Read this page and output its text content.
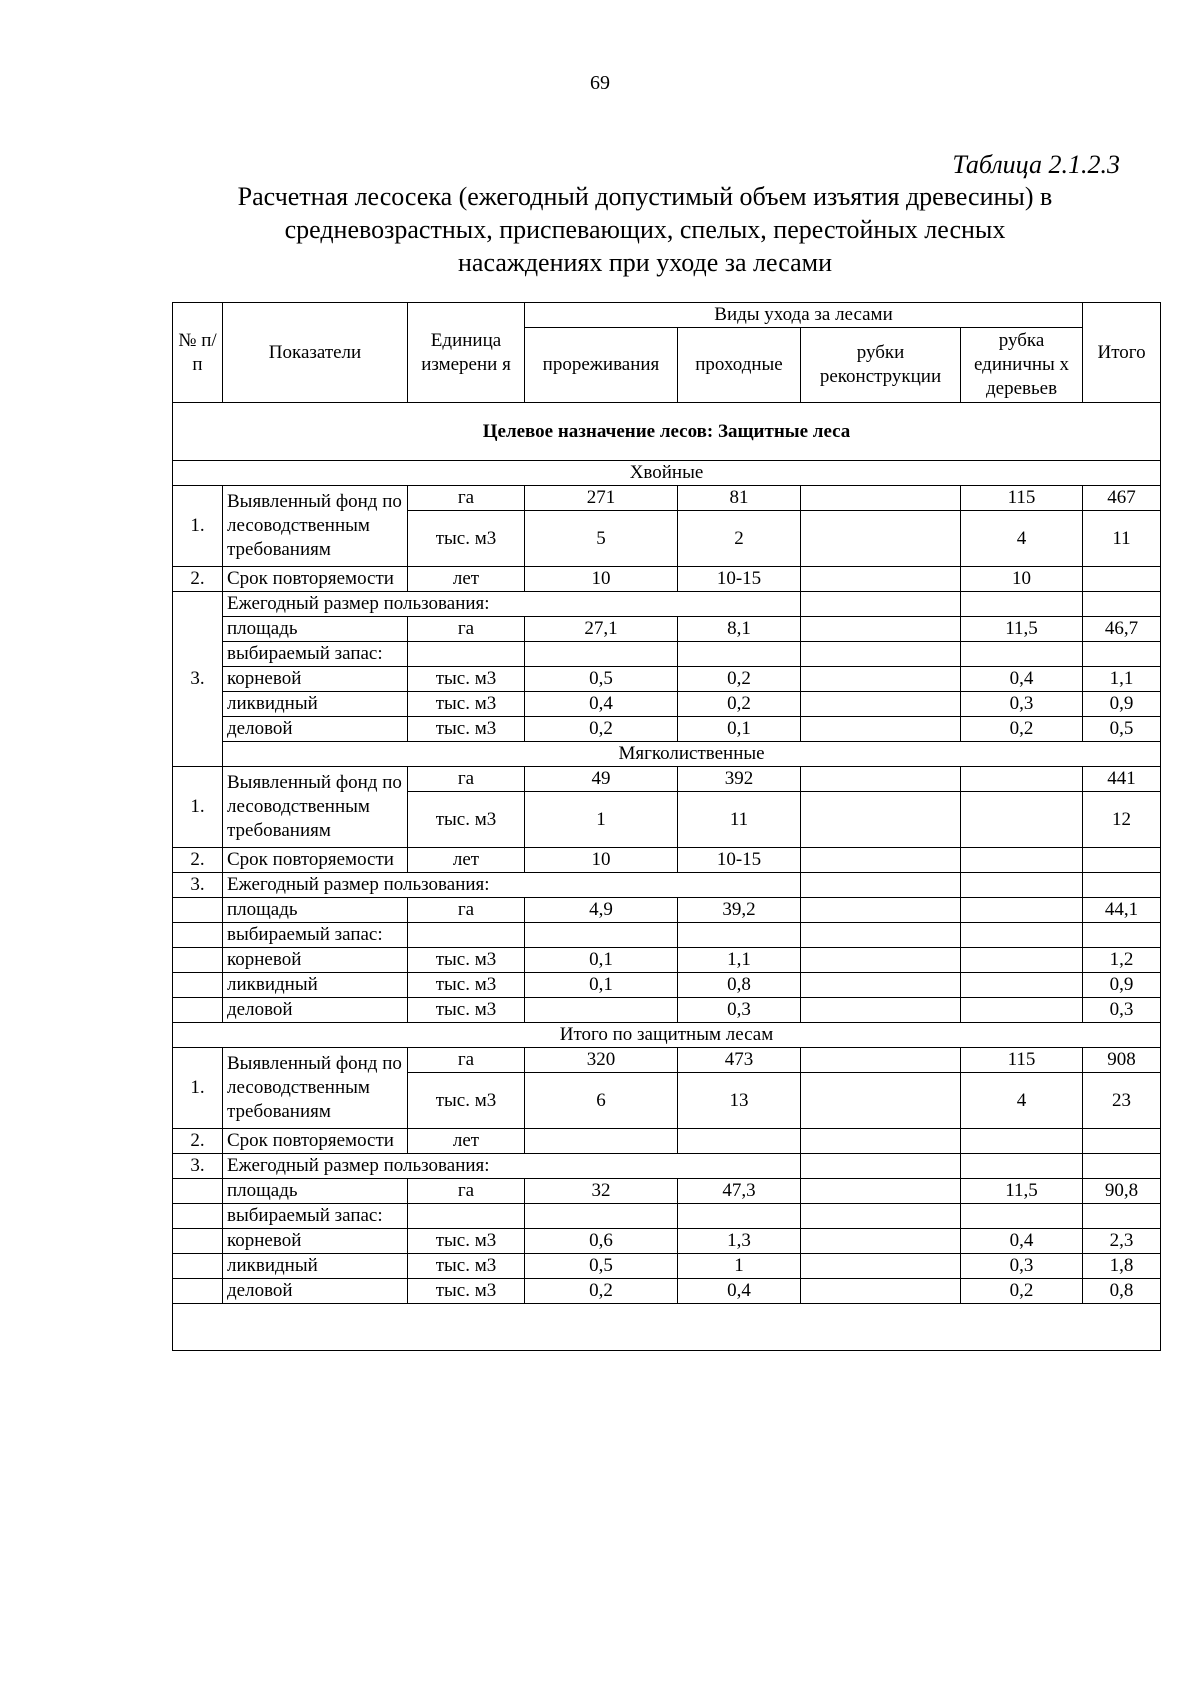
69
Таблица 2.1.2.3
Расчетная лесосека (ежегодный допустимый объем изъятия древесины) в
средневозрастных, приспевающих, спелых, перестойных лесных
насаждениях при уходе за лесами
№ п/ п	Показатели	Единица измерени я	Виды ухода за лесами				Итого
			прореживания	проходные	рубки реконструкции	рубка единичны х деревьев	
Целевое назначение лесов: Защитные леса							
Хвойные							
1.	Выявленный фонд по лесоводственным требованиям	га	271	81		115	467
		тыс. м3	5	2		4	11
2.	Срок повторяемости	лет	10	10-15		10	
3.	Ежегодный размер пользования:						
	площадь	га	27,1	8,1		11,5	46,7
	выбираемый запас:						
	корневой	тыс. м3	0,5	0,2		0,4	1,1
	ликвидный	тыс. м3	0,4	0,2		0,3	0,9
	деловой	тыс. м3	0,2	0,1		0,2	0,5
	Мягколиственные						
1.	Выявленный фонд по лесоводственным требованиям	га	49	392			441
		тыс. м3	1	11			12
2.	Срок повторяемости	лет	10	10-15			
3.	Ежегодный размер пользования:						
	площадь	га	4,9	39,2			44,1
	выбираемый запас:						
	корневой	тыс. м3	0,1	1,1			1,2
	ликвидный	тыс. м3	0,1	0,8			0,9
	деловой	тыс. м3		0,3			0,3
Итого по защитным лесам							
1.	Выявленный фонд по лесоводственным требованиям	га	320	473		115	908
		тыс. м3	6	13		4	23
2.	Срок повторяемости	лет					
3.	Ежегодный размер пользования:						
	площадь	га	32	47,3		11,5	90,8
	выбираемый запас:						
	корневой	тыс. м3	0,6	1,3		0,4	2,3
	ликвидный	тыс. м3	0,5	1		0,3	1,8
	деловой	тыс. м3	0,2	0,4		0,2	0,8
